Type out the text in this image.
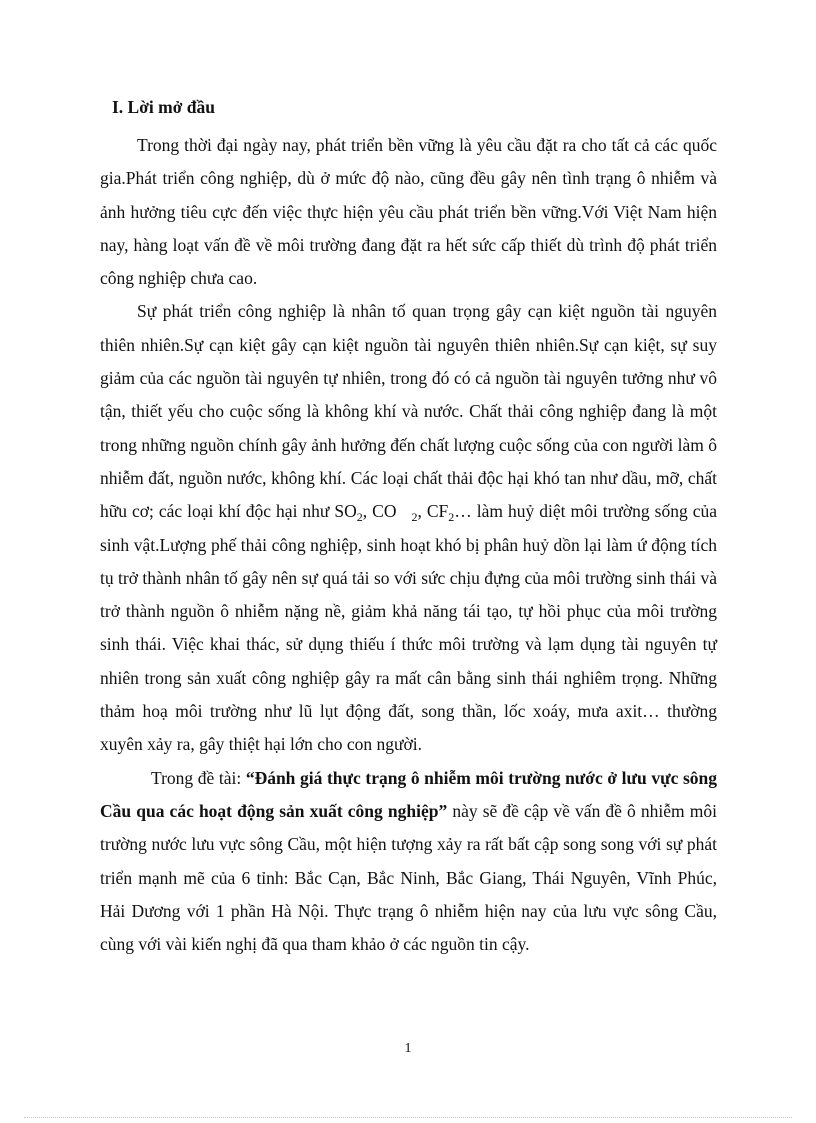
I. Lời mở đầu

Trong thời đại ngày nay, phát triển bền vững là yêu cầu đặt ra cho tất cả các quốc gia.Phát triển công nghiệp, dù ở mức độ nào, cũng đều gây nên tình trạng ô nhiễm và ảnh hưởng tiêu cực đến việc thực hiện yêu cầu phát triển bền vững.Với Việt Nam hiện nay, hàng loạt vấn đề về môi trường đang đặt ra hết sức cấp thiết dù trình độ phát triển công nghiệp chưa cao.

Sự phát triển công nghiệp là nhân tố quan trọng gây cạn kiệt nguồn tài nguyên thiên nhiên.Sự cạn kiệt gây cạn kiệt nguồn tài nguyên thiên nhiên.Sự cạn kiệt, sự suy giảm của các nguồn tài nguyên tự nhiên, trong đó có cả nguồn tài nguyên tưởng như vô tận, thiết yếu cho cuộc sống là không khí và nước. Chất thải công nghiệp đang là một trong những nguồn chính gây ảnh hưởng đến chất lượng cuộc sống của con người làm ô nhiễm đất, nguồn nước, không khí. Các loại chất thải độc hại khó tan như dầu, mỡ, chất hữu cơ; các loại khí độc hại như $SO_2$, CO $_2$, $CF_2\dots$ làm huỷ diệt môi trường sống của sinh vật.Lượng phế thải công nghiệp, sinh hoạt khó bị phân huỷ dồn lại làm ứ động tích tụ trở thành nhân tố gây nên sự quá tải so với sức chịu đựng của môi trường sinh thái và trở thành nguồn ô nhiễm nặng nề, giảm khả năng tái tạo, tự hồi phục của môi trường sinh thái. Việc khai thác, sử dụng thiếu í thức môi trường và lạm dụng tài nguyên tự nhiên trong sản xuất công nghiệp gây ra mất cân bằng sinh thái nghiêm trọng. Những thảm hoạ môi trường như lũ lụt động đất, song thần, lốc xoáy, mưa axit… thường xuyên xảy ra, gây thiệt hại lớn cho con người.

Trong đề tài: “Đánh giá thực trạng ô nhiễm môi trường nước ở lưu vực sông Cầu qua các hoạt động sản xuất công nghiệp” này sẽ đề cập về vấn đề ô nhiễm môi trường nước lưu vực sông Cầu, một hiện tượng xảy ra rất bất cập song song với sự phát triển mạnh mẽ của 6 tỉnh: Bắc Cạn, Bắc Ninh, Bắc Giang, Thái Nguyên, Vĩnh Phúc, Hải Dương với 1 phần Hà Nội. Thực trạng ô nhiễm hiện nay của lưu vực sông Cầu, cùng với vài kiến nghị đã qua tham khảo ở các nguồn tin cậy.

1
